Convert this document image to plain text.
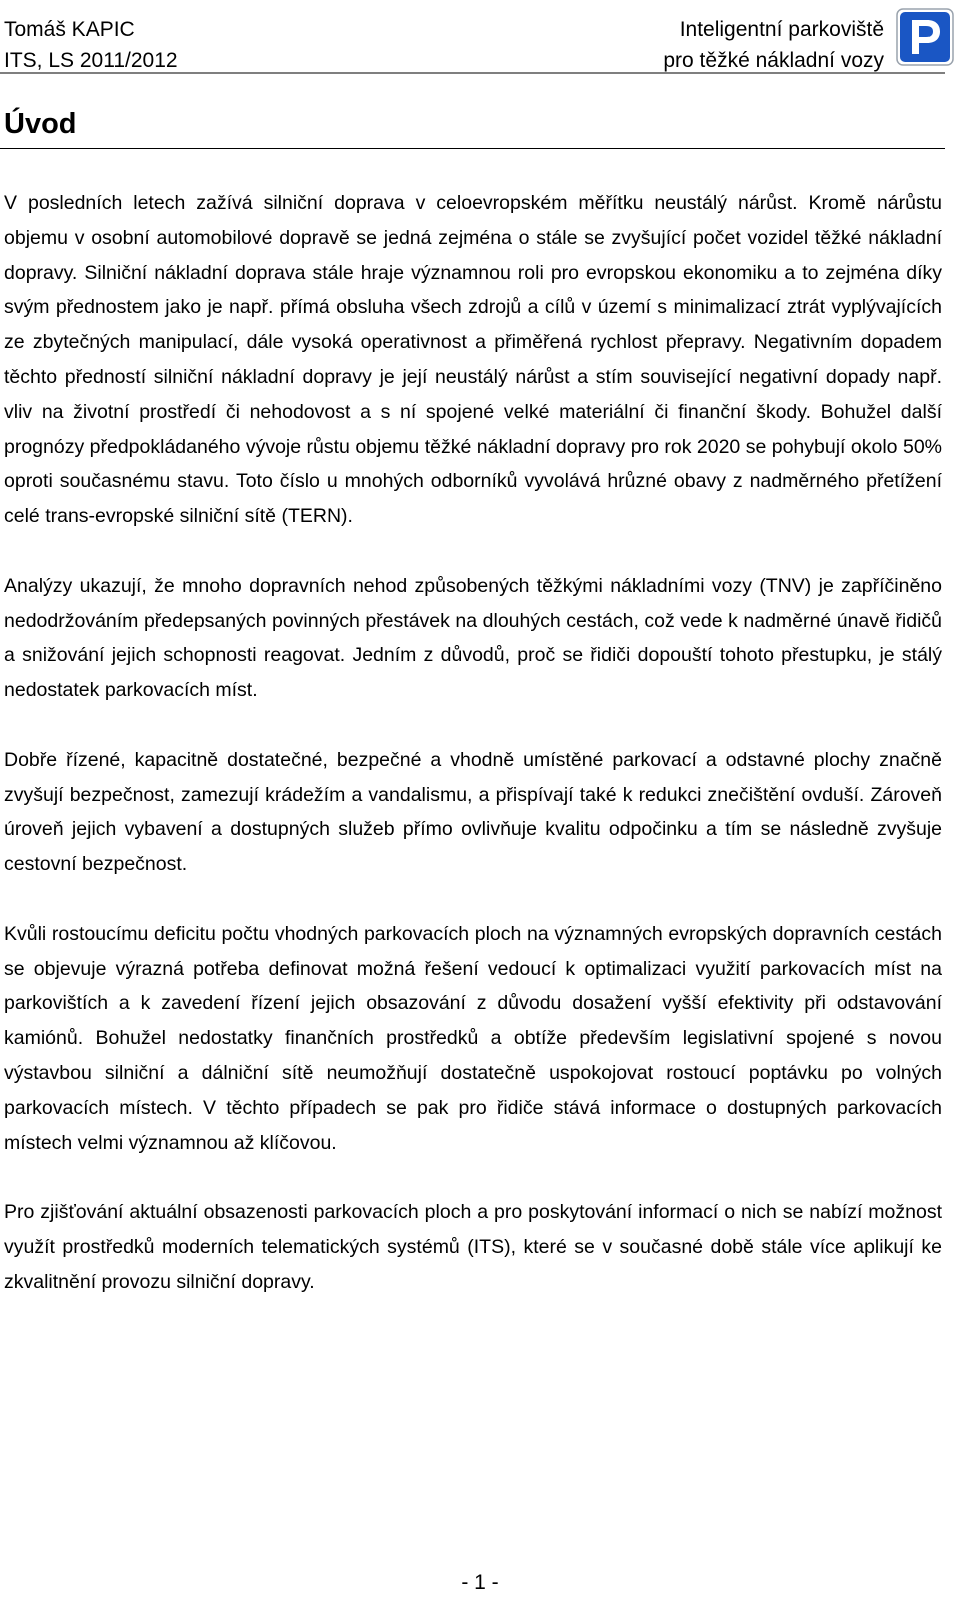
Tomáš KAPIC
ITS, LS 2011/2012
Inteligentní parkoviště
pro těžké nákladní vozy
Úvod

V posledních letech zažívá silniční doprava v celoevropském měřítku neustálý nárůst. Kromě nárůstu objemu v osobní automobilové dopravě se jedná zejména o stále se zvyšující počet vozidel těžké nákladní dopravy. Silniční nákladní doprava stále hraje významnou roli pro evropskou ekonomiku a to zejména díky svým přednostem jako je např. přímá obsluha všech zdrojů a cílů v území s minimalizací ztrát vyplývajících ze zbytečných manipulací, dále vysoká operativnost a přiměřená rychlost přepravy. Negativním dopadem těchto předností silniční nákladní dopravy je její neustálý nárůst a stím související negativní dopady např. vliv na životní prostředí či nehodovost a s ní spojené velké materiální či finanční škody. Bohužel další prognózy předpokládaného vývoje růstu objemu těžké nákladní dopravy pro rok 2020 se pohybují okolo 50% oproti současnému stavu. Toto číslo u mnohých odborníků vyvolává hrůzné obavy z nadměrného přetížení celé trans-evropské silniční sítě (TERN).

Analýzy ukazují, že mnoho dopravních nehod způsobených těžkými nákladními vozy (TNV) je zapříčiněno nedodržováním předepsaných povinných přestávek na dlouhých cestách, což vede k nadměrné únavě řidičů a snižování jejich schopnosti reagovat. Jedním z důvodů, proč se řidiči dopouští tohoto přestupku, je stálý nedostatek parkovacích míst.

Dobře řízené, kapacitně dostatečné, bezpečné a vhodně umístěné parkovací a odstavné plochy značně zvyšují bezpečnost, zamezují krádežím a vandalismu, a přispívají také k redukci znečištění ovduší. Zároveň úroveň jejich vybavení a dostupných služeb přímo ovlivňuje kvalitu odpočinku a tím se následně zvyšuje cestovní bezpečnost.

Kvůli rostoucímu deficitu počtu vhodných parkovacích ploch na významných evropských dopravních cestách se objevuje výrazná potřeba definovat možná řešení vedoucí k optimalizaci využití parkovacích míst na parkovištích a k zavedení řízení jejich obsazování z důvodu dosažení vyšší efektivity při odstavování kamiónů. Bohužel nedostatky finančních prostředků a obtíže především legislativní spojené s novou výstavbou silniční a dálniční sítě neumožňují dostatečně uspokojovat rostoucí poptávku po volných parkovacích místech. V těchto případech se pak pro řidiče stává informace o dostupných parkovacích místech velmi významnou až klíčovou.

Pro zjišťování aktuální obsazenosti parkovacích ploch a pro poskytování informací o nich se nabízí možnost využít prostředků moderních telematických systémů (ITS), které se v současné době stále více aplikují ke zkvalitnění provozu silniční dopravy.

- 1 -
